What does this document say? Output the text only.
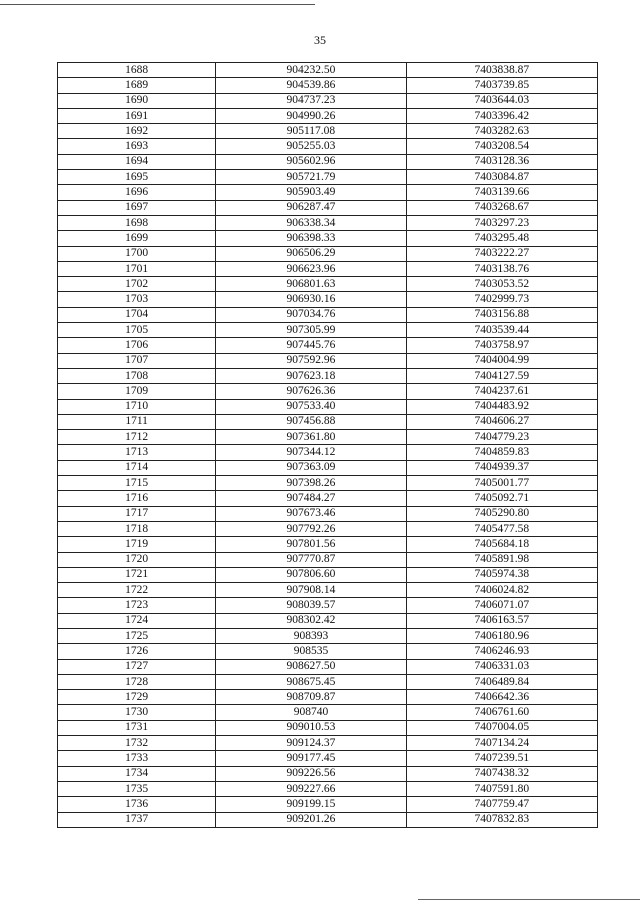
35
1688	904232.50	7403838.87
1689	904539.86	7403739.85
1690	904737.23	7403644.03
1691	904990.26	7403396.42
1692	905117.08	7403282.63
1693	905255.03	7403208.54
1694	905602.96	7403128.36
1695	905721.79	7403084.87
1696	905903.49	7403139.66
1697	906287.47	7403268.67
1698	906338.34	7403297.23
1699	906398.33	7403295.48
1700	906506.29	7403222.27
1701	906623.96	7403138.76
1702	906801.63	7403053.52
1703	906930.16	7402999.73
1704	907034.76	7403156.88
1705	907305.99	7403539.44
1706	907445.76	7403758.97
1707	907592.96	7404004.99
1708	907623.18	7404127.59
1709	907626.36	7404237.61
1710	907533.40	7404483.92
1711	907456.88	7404606.27
1712	907361.80	7404779.23
1713	907344.12	7404859.83
1714	907363.09	7404939.37
1715	907398.26	7405001.77
1716	907484.27	7405092.71
1717	907673.46	7405290.80
1718	907792.26	7405477.58
1719	907801.56	7405684.18
1720	907770.87	7405891.98
1721	907806.60	7405974.38
1722	907908.14	7406024.82
1723	908039.57	7406071.07
1724	908302.42	7406163.57
1725	908393	7406180.96
1726	908535	7406246.93
1727	908627.50	7406331.03
1728	908675.45	7406489.84
1729	908709.87	7406642.36
1730	908740	7406761.60
1731	909010.53	7407004.05
1732	909124.37	7407134.24
1733	909177.45	7407239.51
1734	909226.56	7407438.32
1735	909227.66	7407591.80
1736	909199.15	7407759.47
1737	909201.26	7407832.83
